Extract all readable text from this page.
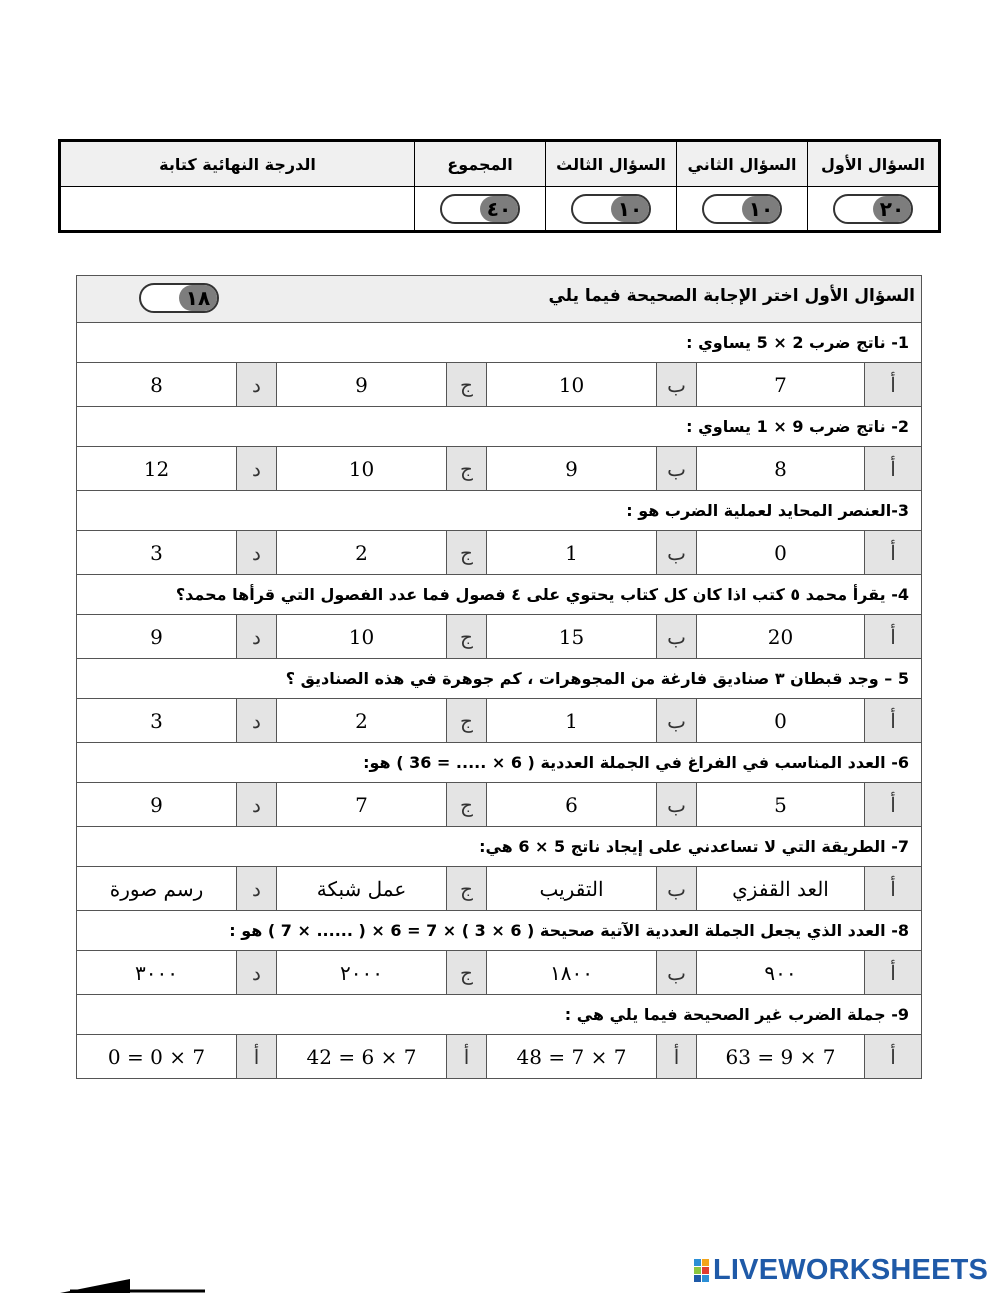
السؤال الأول	السؤال الثاني	السؤال الثالث	المجموع	الدرجة النهائية كتابة

٢٠	١٠	١٠	٤٠	

السؤال الأول اختر الإجابة الصحيحة فيما يلي
١٨							

1- ناتج ضرب 2 × 5 يساوي :							
أ	7	ب	10	ج	9	د	8
2- ناتج ضرب 9 × 1 يساوي :							
أ	8	ب	9	ج	10	د	12
3-العنصر المحايد لعملية الضرب هو :							
أ	0	ب	1	ج	2	د	3
4- يقرأ محمد ٥ كتب اذا كان كل كتاب يحتوي على ٤ فصول فما عدد الفصول التي قرأها محمد؟							
أ	20	ب	15	ج	10	د	9
5 – وجد قبطان ٣ صناديق فارغة من المجوهرات ، كم جوهرة في هذه الصناديق ؟							
أ	0	ب	1	ج	2	د	3
6- العدد المناسب في الفراغ في الجملة العددية ( 6 × ..... = 36 ) هو:							
أ	5	ب	6	ج	7	د	9
7- الطريقة التي لا تساعدني على إيجاد ناتج 5 × 6 هي:							
أ	العد القفزي	ب	التقريب	ج	عمل شبكة	د	رسم صورة
8- العدد الذي يجعل الجملة العددية الآتية صحيحة ( 6 × 3 ) × 7 = 6 × ( ...... × 7 ) هو :							
أ	٩٠٠	ب	١٨٠٠	ج	٢٠٠٠	د	٣٠٠٠
9- جملة الضرب غير الصحيحة فيما يلي هي :							
أ	7 × 9 = 63	أ	7 × 7 = 48	أ	7 × 6 = 42	أ	7 × 0 = 0
LIVEWORKSHEETS
